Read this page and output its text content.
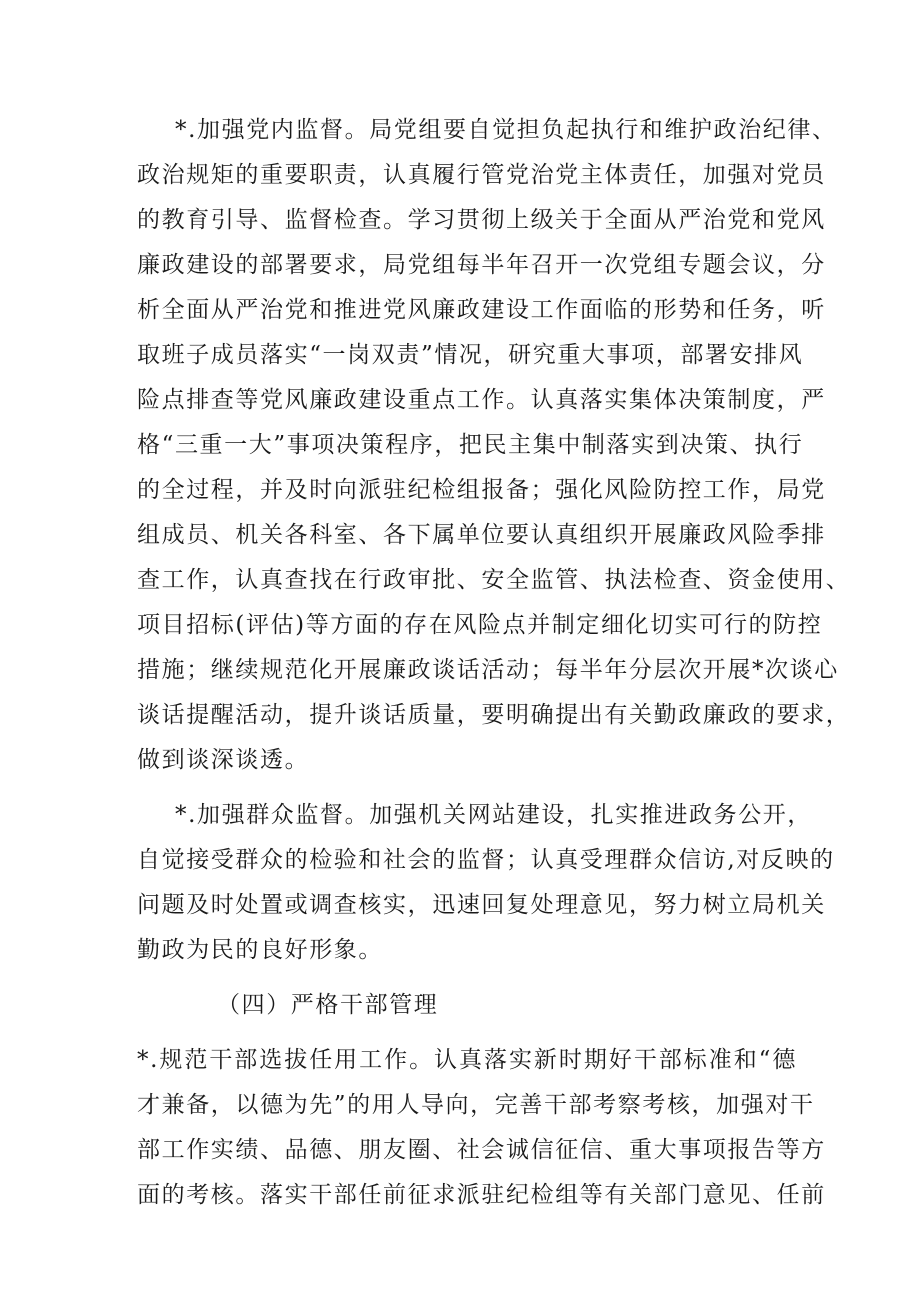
*.加强党内监督。局党组要自觉担负起执行和维护政治纪律、
政治规矩的重要职责，认真履行管党治党主体责任，加强对党员
的教育引导、监督检查。学习贯彻上级关于全面从严治党和党风
廉政建设的部署要求，局党组每半年召开一次党组专题会议，分
析全面从严治党和推进党风廉政建设工作面临的形势和任务，听
取班子成员落实“一岗双责”情况，研究重大事项，部署安排风
险点排查等党风廉政建设重点工作。认真落实集体决策制度，严
格“三重一大”事项决策程序，把民主集中制落实到决策、执行
的全过程，并及时向派驻纪检组报备；强化风险防控工作，局党
组成员、机关各科室、各下属单位要认真组织开展廉政风险季排
查工作，认真查找在行政审批、安全监管、执法检查、资金使用、
项目招标(评估)等方面的存在风险点并制定细化切实可行的防控
措施；继续规范化开展廉政谈话活动；每半年分层次开展*次谈心
谈话提醒活动，提升谈话质量，要明确提出有关勤政廉政的要求，
做到谈深谈透。
*.加强群众监督。加强机关网站建设，扎实推进政务公开，
自觉接受群众的检验和社会的监督；认真受理群众信访,对反映的
问题及时处置或调查核实，迅速回复处理意见，努力树立局机关
勤政为民的良好形象。
（四）严格干部管理
*.规范干部选拔任用工作。认真落实新时期好干部标准和“德
才兼备，以德为先”的用人导向，完善干部考察考核，加强对干
部工作实绩、品德、朋友圈、社会诚信征信、重大事项报告等方
面的考核。落实干部任前征求派驻纪检组等有关部门意见、任前
